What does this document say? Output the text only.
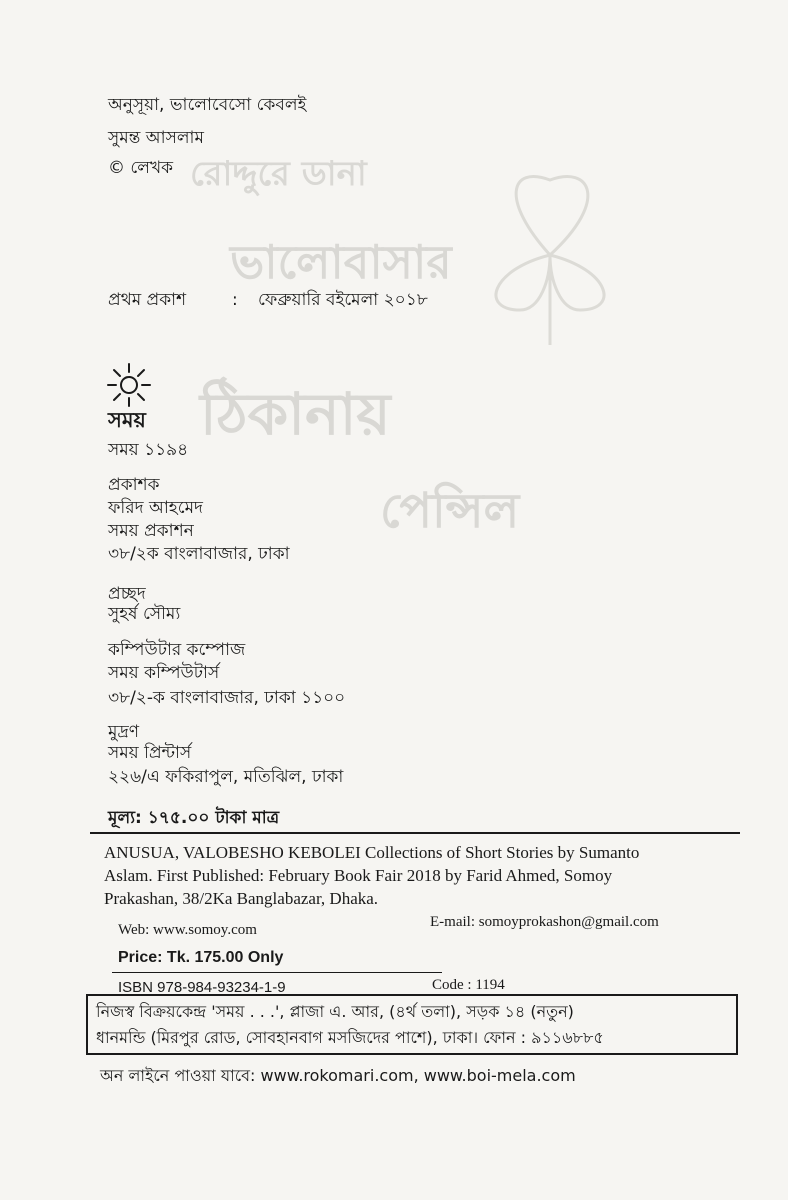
রোদ্দুরে ডানা
ভালোবাসার
ঠিকানায়
পেন্সিল
অনুসূয়া, ভালোবেসো কেবলই
সুমন্ত আসলাম
© লেখক
প্রথম প্রকাশ	: ফেব্রুয়ারি বইমেলা ২০১৮
সময়
সময় ১১৯৪
প্রকাশক
ফরিদ আহমেদ
সময় প্রকাশন
৩৮/২ক বাংলাবাজার, ঢাকা
প্রচ্ছদ
সুহর্ষ সৌম্য
কম্পিউটার কম্পোজ
সময় কম্পিউটার্স
৩৮/২-ক বাংলাবাজার, ঢাকা ১১০০
মুদ্রণ
সময় প্রিন্টার্স
২২৬/এ ফকিরাপুল, মতিঝিল, ঢাকা
মূল্য: ১৭৫.০০ টাকা মাত্র
ANUSUA, VALOBESHO KEBOLEI Collections of Short Stories by Sumanto
Aslam. First Published: February Book Fair 2018 by Farid Ahmed, Somoy
Prakashan, 38/2Ka Banglabazar, Dhaka.
Web: www.somoy.com	E-mail: somoyprokashon@gmail.com
Price: Tk. 175.00 Only
ISBN 978-984-93234-1-9	Code : 1194
নিজস্ব বিক্রয়কেন্দ্র 'সময় . . .', প্লাজা এ. আর, (৪র্থ তলা), সড়ক ১৪ (নতুন)
ধানমন্ডি (মিরপুর রোড, সোবহানবাগ মসজিদের পাশে), ঢাকা। ফোন : ৯১১৬৮৮৫
অন লাইনে পাওয়া যাবে: www.rokomari.com, www.boi-mela.com
